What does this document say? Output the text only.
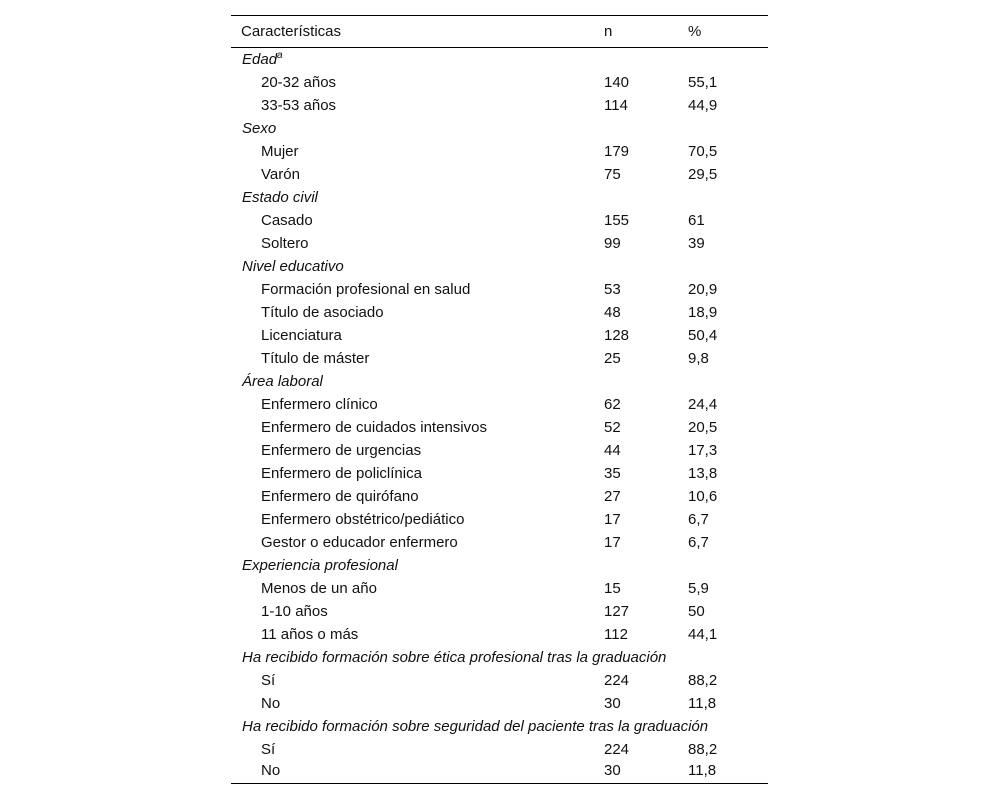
Características	n	%
Edad$^a$
20-32 años	140	55,1
33-53 años	114	44,9
Sexo		
Mujer	179	70,5
Varón	75	29,5
Estado civil		
Casado	155	61
Soltero	99	39
Nivel educativo		
Formación profesional en salud	53	20,9
Título de asociado	48	18,9
Licenciatura	128	50,4
Título de máster	25	9,8
Área laboral		
Enfermero clínico	62	24,4
Enfermero de cuidados intensivos	52	20,5
Enfermero de urgencias	44	17,3
Enfermero de policlínica	35	13,8
Enfermero de quirófano	27	10,6
Enfermero obstétrico/pediático	17	6,7
Gestor o educador enfermero	17	6,7
Experiencia profesional		
Menos de un año	15	5,9
1-10 años	127	50
11 años o más	112	44,1
Ha recibido formación sobre ética profesional tras la graduación		
Sí	224	88,2
No	30	11,8
Ha recibido formación sobre seguridad del paciente tras la graduación		
Sí	224	88,2
No	30	11,8
